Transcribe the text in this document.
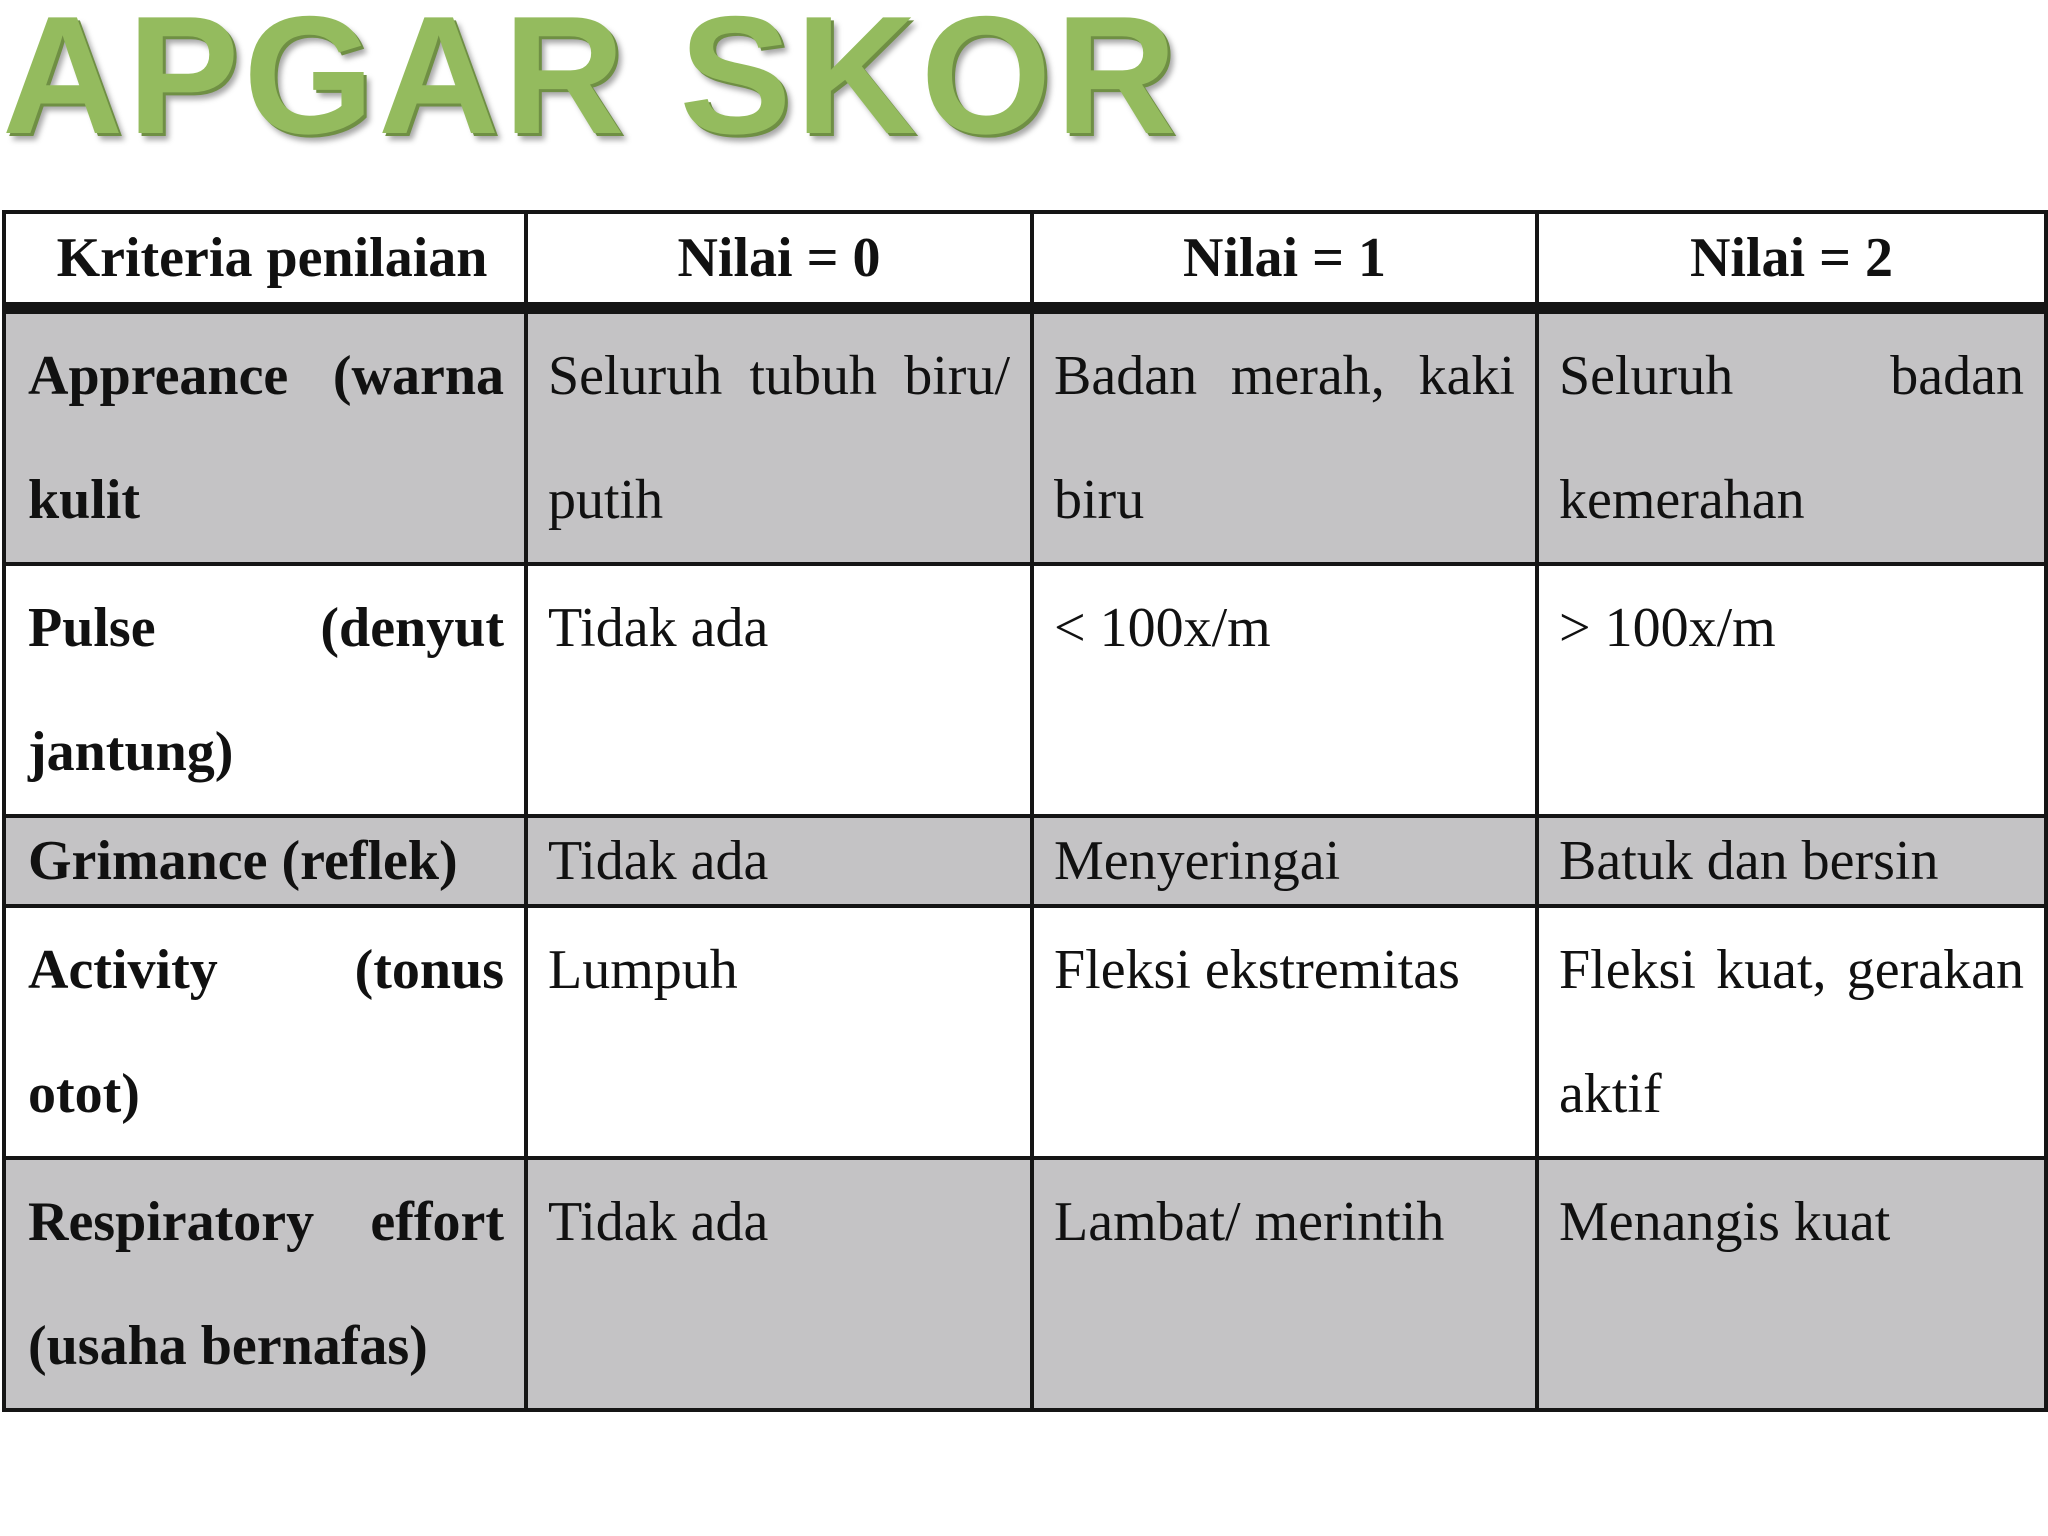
APGAR SKOR
Kriteria penilaian	Nilai = 0	Nilai = 1	Nilai = 2
Appreance (warna kulit	Seluruh tubuh biru/ putih	Badan merah, kaki biru	Seluruh badan kemerahan
Pulse (denyut jantung)	Tidak ada	< 100x/m	> 100x/m
Grimance (reflek)	Tidak ada	Menyeringai	Batuk dan bersin
Activity (tonus otot)	Lumpuh	Fleksi ekstremitas	Fleksi kuat, gerakan aktif
Respiratory effort (usaha bernafas)	Tidak ada	Lambat/ merintih	Menangis kuat
